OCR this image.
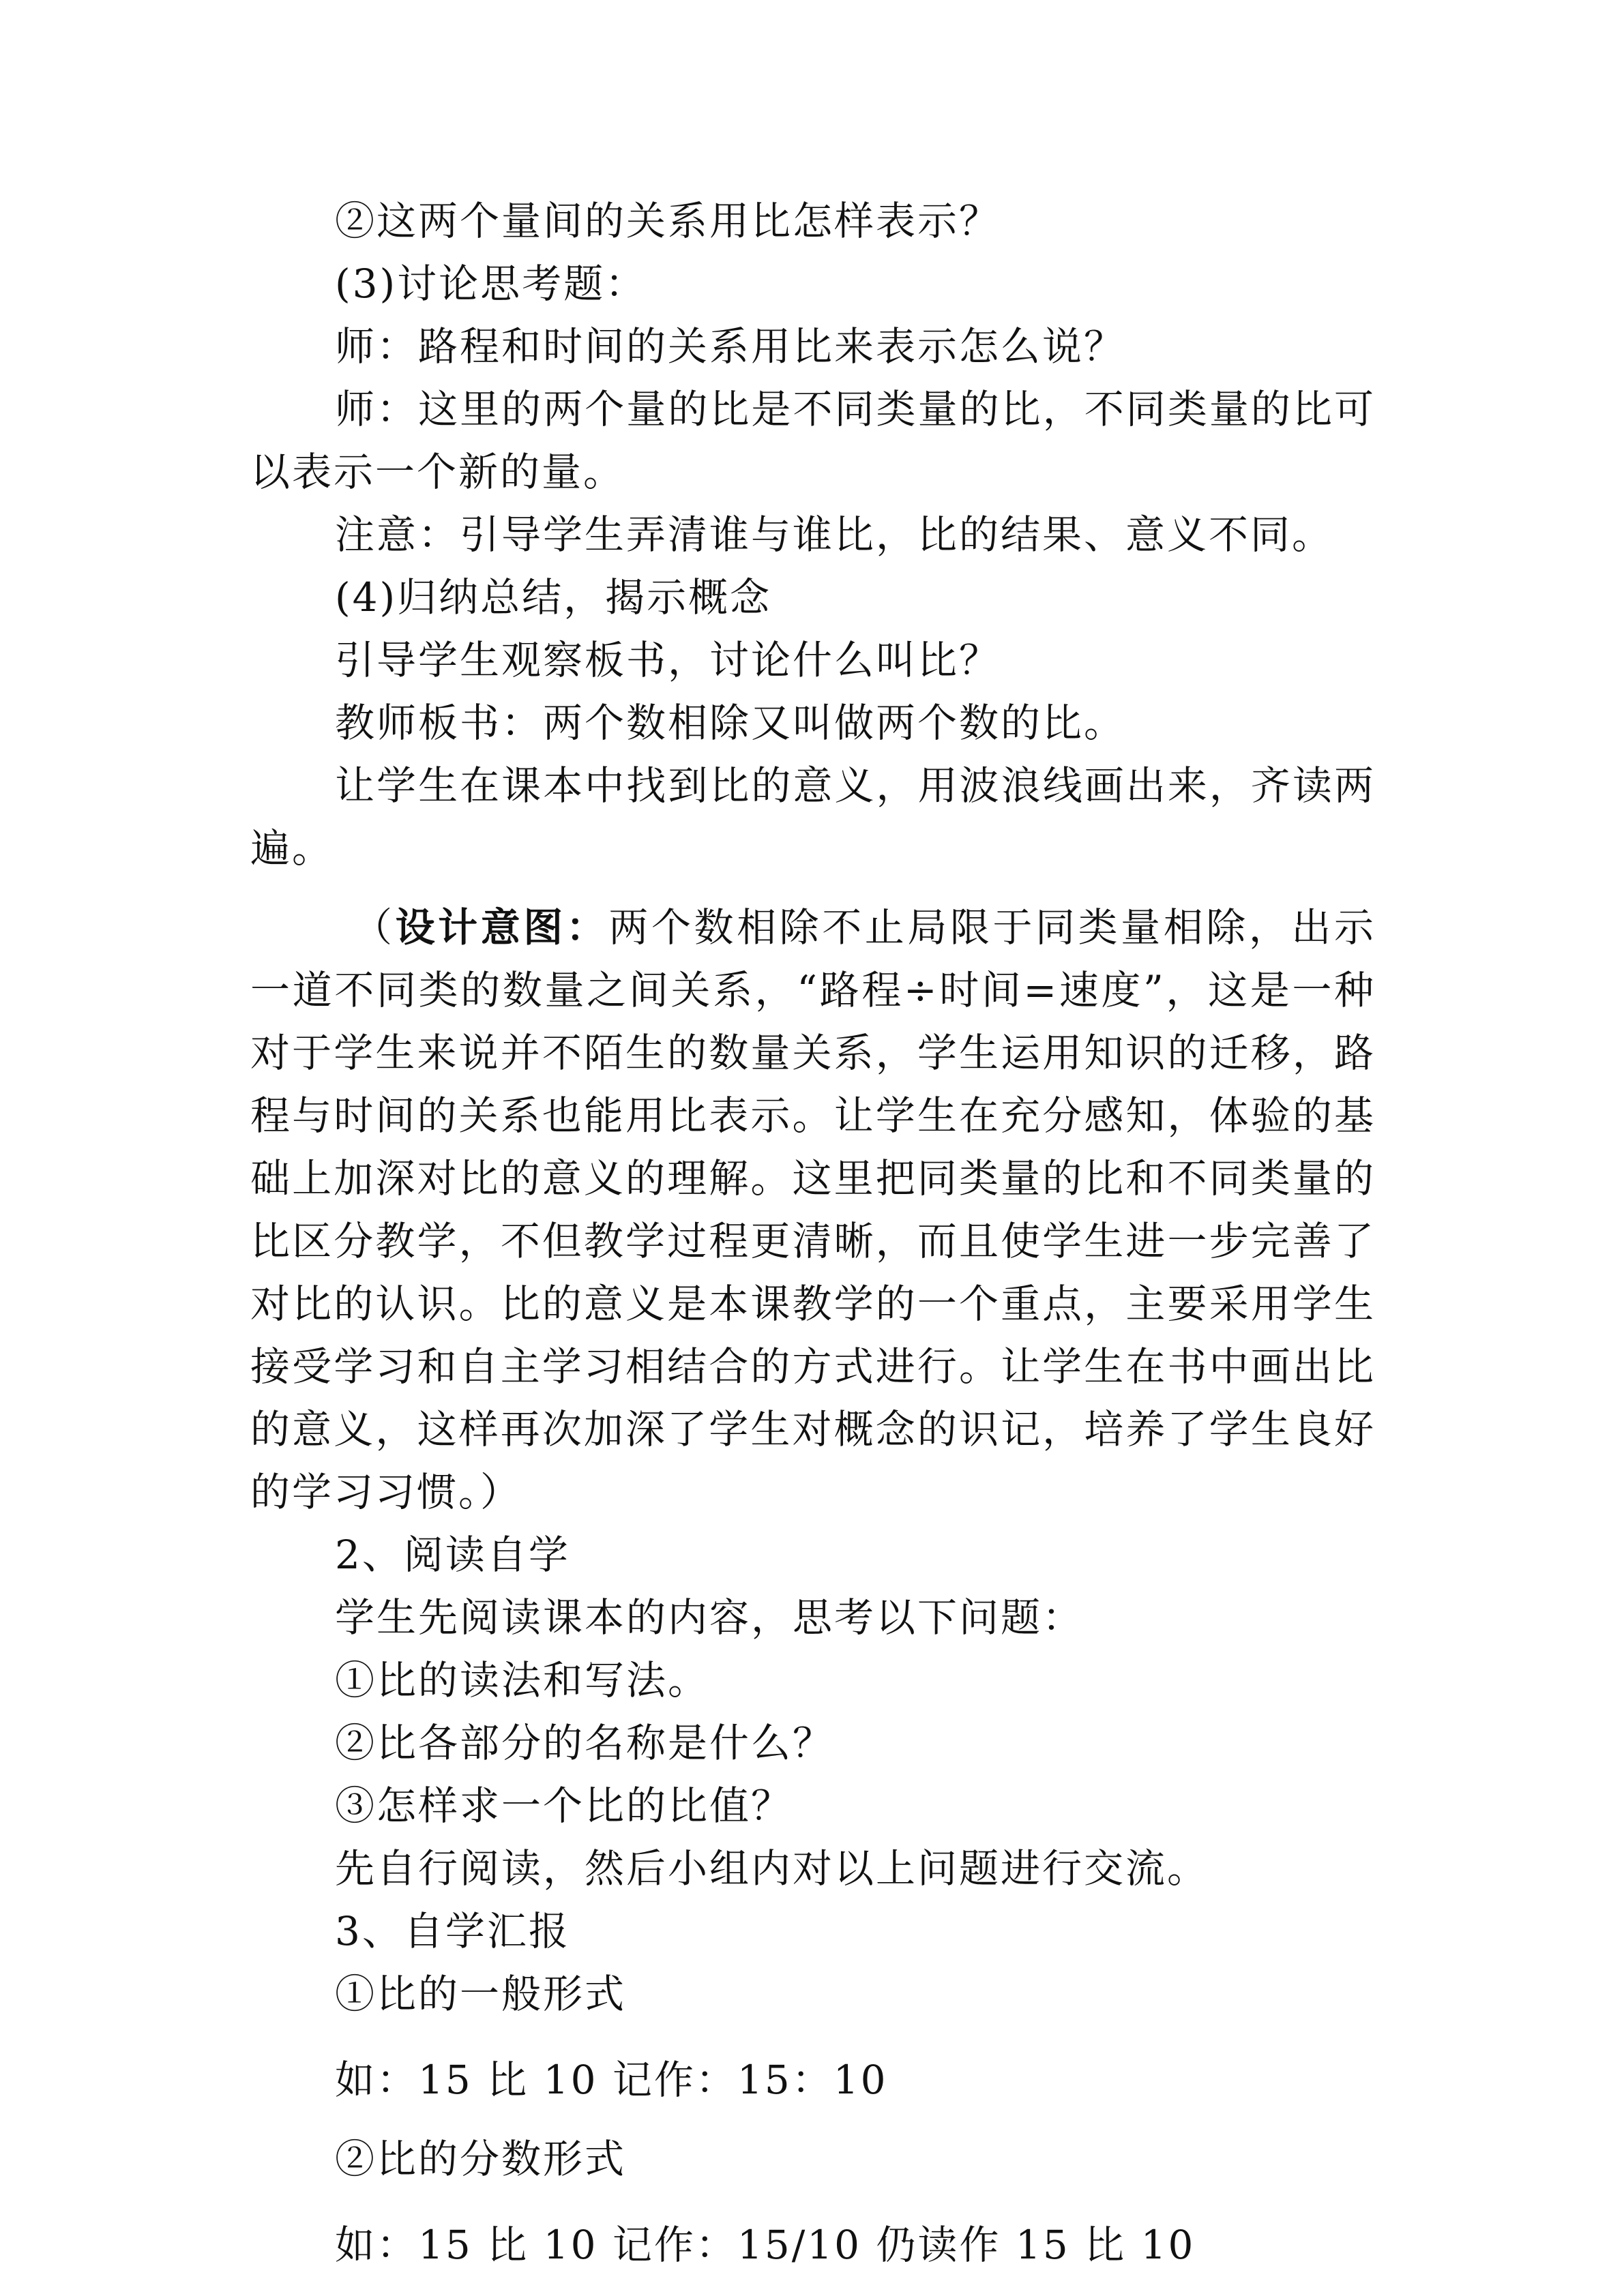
②这两个量间的关系用比怎样表示？

(3)讨论思考题：

师：路程和时间的关系用比来表示怎么说？

师：这里的两个量的比是不同类量的比，不同类量的比可以表示一个新的量。

注意：引导学生弄清谁与谁比，比的结果、意义不同。

(4)归纳总结，揭示概念

引导学生观察板书，讨论什么叫比？

教师板书：两个数相除又叫做两个数的比。

让学生在课本中找到比的意义，用波浪线画出来，齐读两遍。

（设计意图：两个数相除不止局限于同类量相除，出示一道不同类的数量之间关系，“路程÷时间=速度”，这是一种对于学生来说并不陌生的数量关系，学生运用知识的迁移，路程与时间的关系也能用比表示。让学生在充分感知，体验的基础上加深对比的意义的理解。这里把同类量的比和不同类量的比区分教学，不但教学过程更清晰，而且使学生进一步完善了对比的认识。比的意义是本课教学的一个重点，主要采用学生接受学习和自主学习相结合的方式进行。让学生在书中画出比的意义，这样再次加深了学生对概念的识记，培养了学生良好的学习习惯。）

2、阅读自学

学生先阅读课本的内容，思考以下问题：

①比的读法和写法。

②比各部分的名称是什么？

③怎样求一个比的比值？

先自行阅读，然后小组内对以上问题进行交流。

3、自学汇报

①比的一般形式

如：15 比 10 记作：15：10

②比的分数形式

如：15 比 10 记作：15/10 仍读作 15 比 10
